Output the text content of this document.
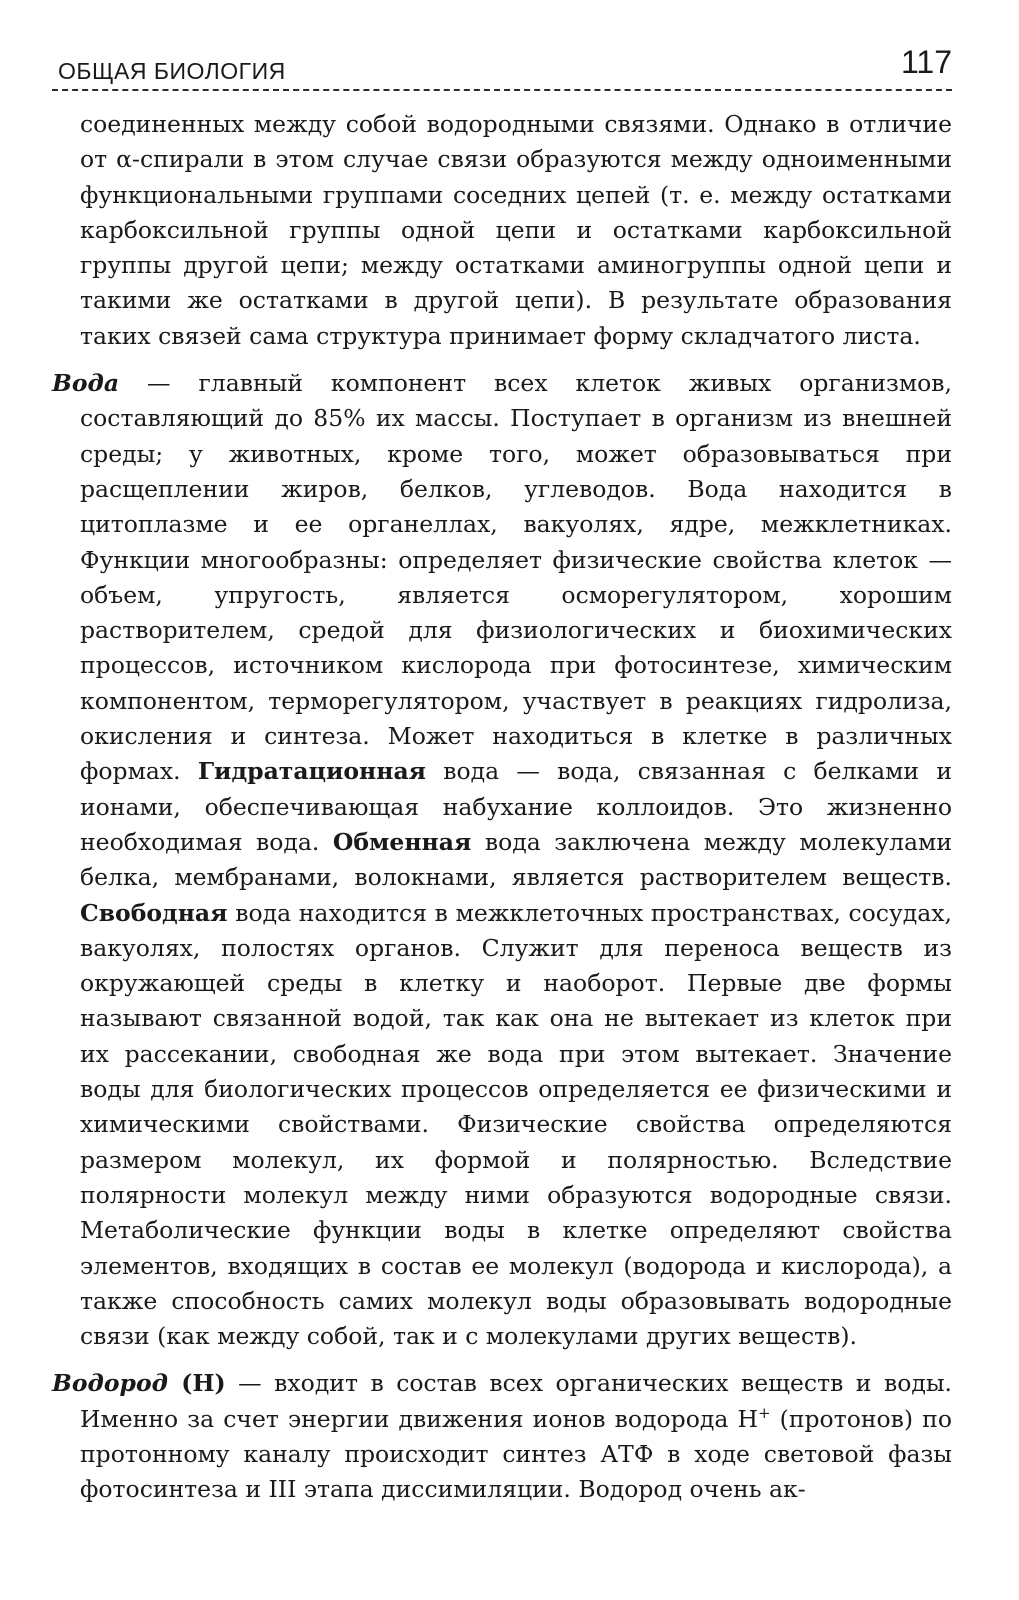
ОБЩАЯ БИОЛОГИЯ	117

соединенных между собой водородными связями. Однако в отличие от α-спирали в этом случае связи образуются между одноименными функциональными группами соседних цепей (т. е. между остатками карбоксильной группы одной цепи и остатками карбоксильной группы другой цепи; между остатками аминогруппы одной цепи и такими же остатками в другой цепи). В результате образования таких связей сама структура принимает форму складчатого листа.

Вода — главный компонент всех клеток живых организмов, составляющий до 85% их массы. Поступает в организм из внешней среды; у животных, кроме того, может образовываться при расщеплении жиров, белков, углеводов. Вода находится в цитоплазме и ее органеллах, вакуолях, ядре, межклетниках. Функции многообразны: определяет физические свойства клеток — объем, упругость, является осморегулятором, хорошим растворителем, средой для физиологических и биохимических процессов, источником кислорода при фотосинтезе, химическим компонентом, терморегулятором, участвует в реакциях гидролиза, окисления и синтеза. Может находиться в клетке в различных формах. Гидратационная вода — вода, связанная с белками и ионами, обеспечивающая набухание коллоидов. Это жизненно необходимая вода. Обменная вода заключена между молекулами белка, мембранами, волокнами, является растворителем веществ. Свободная вода находится в межклеточных пространствах, сосудах, вакуолях, полостях органов. Служит для переноса веществ из окружающей среды в клетку и наоборот. Первые две формы называют связанной водой, так как она не вытекает из клеток при их рассекании, свободная же вода при этом вытекает. Значение воды для биологических процессов определяется ее физическими и химическими свойствами. Физические свойства определяются размером молекул, их формой и полярностью. Вследствие полярности молекул между ними образуются водородные связи. Метаболические функции воды в клетке определяют свойства элементов, входящих в состав ее молекул (водорода и кислорода), а также способность самих молекул воды образовывать водородные связи (как между собой, так и с молекулами других веществ).

Водород (H) — входит в состав всех органических веществ и воды. Именно за счет энергии движения ионов водорода H+ (протонов) по протонному каналу происходит синтез АТФ в ходе световой фазы фотосинтеза и III этапа диссимиляции. Водород очень ак-
